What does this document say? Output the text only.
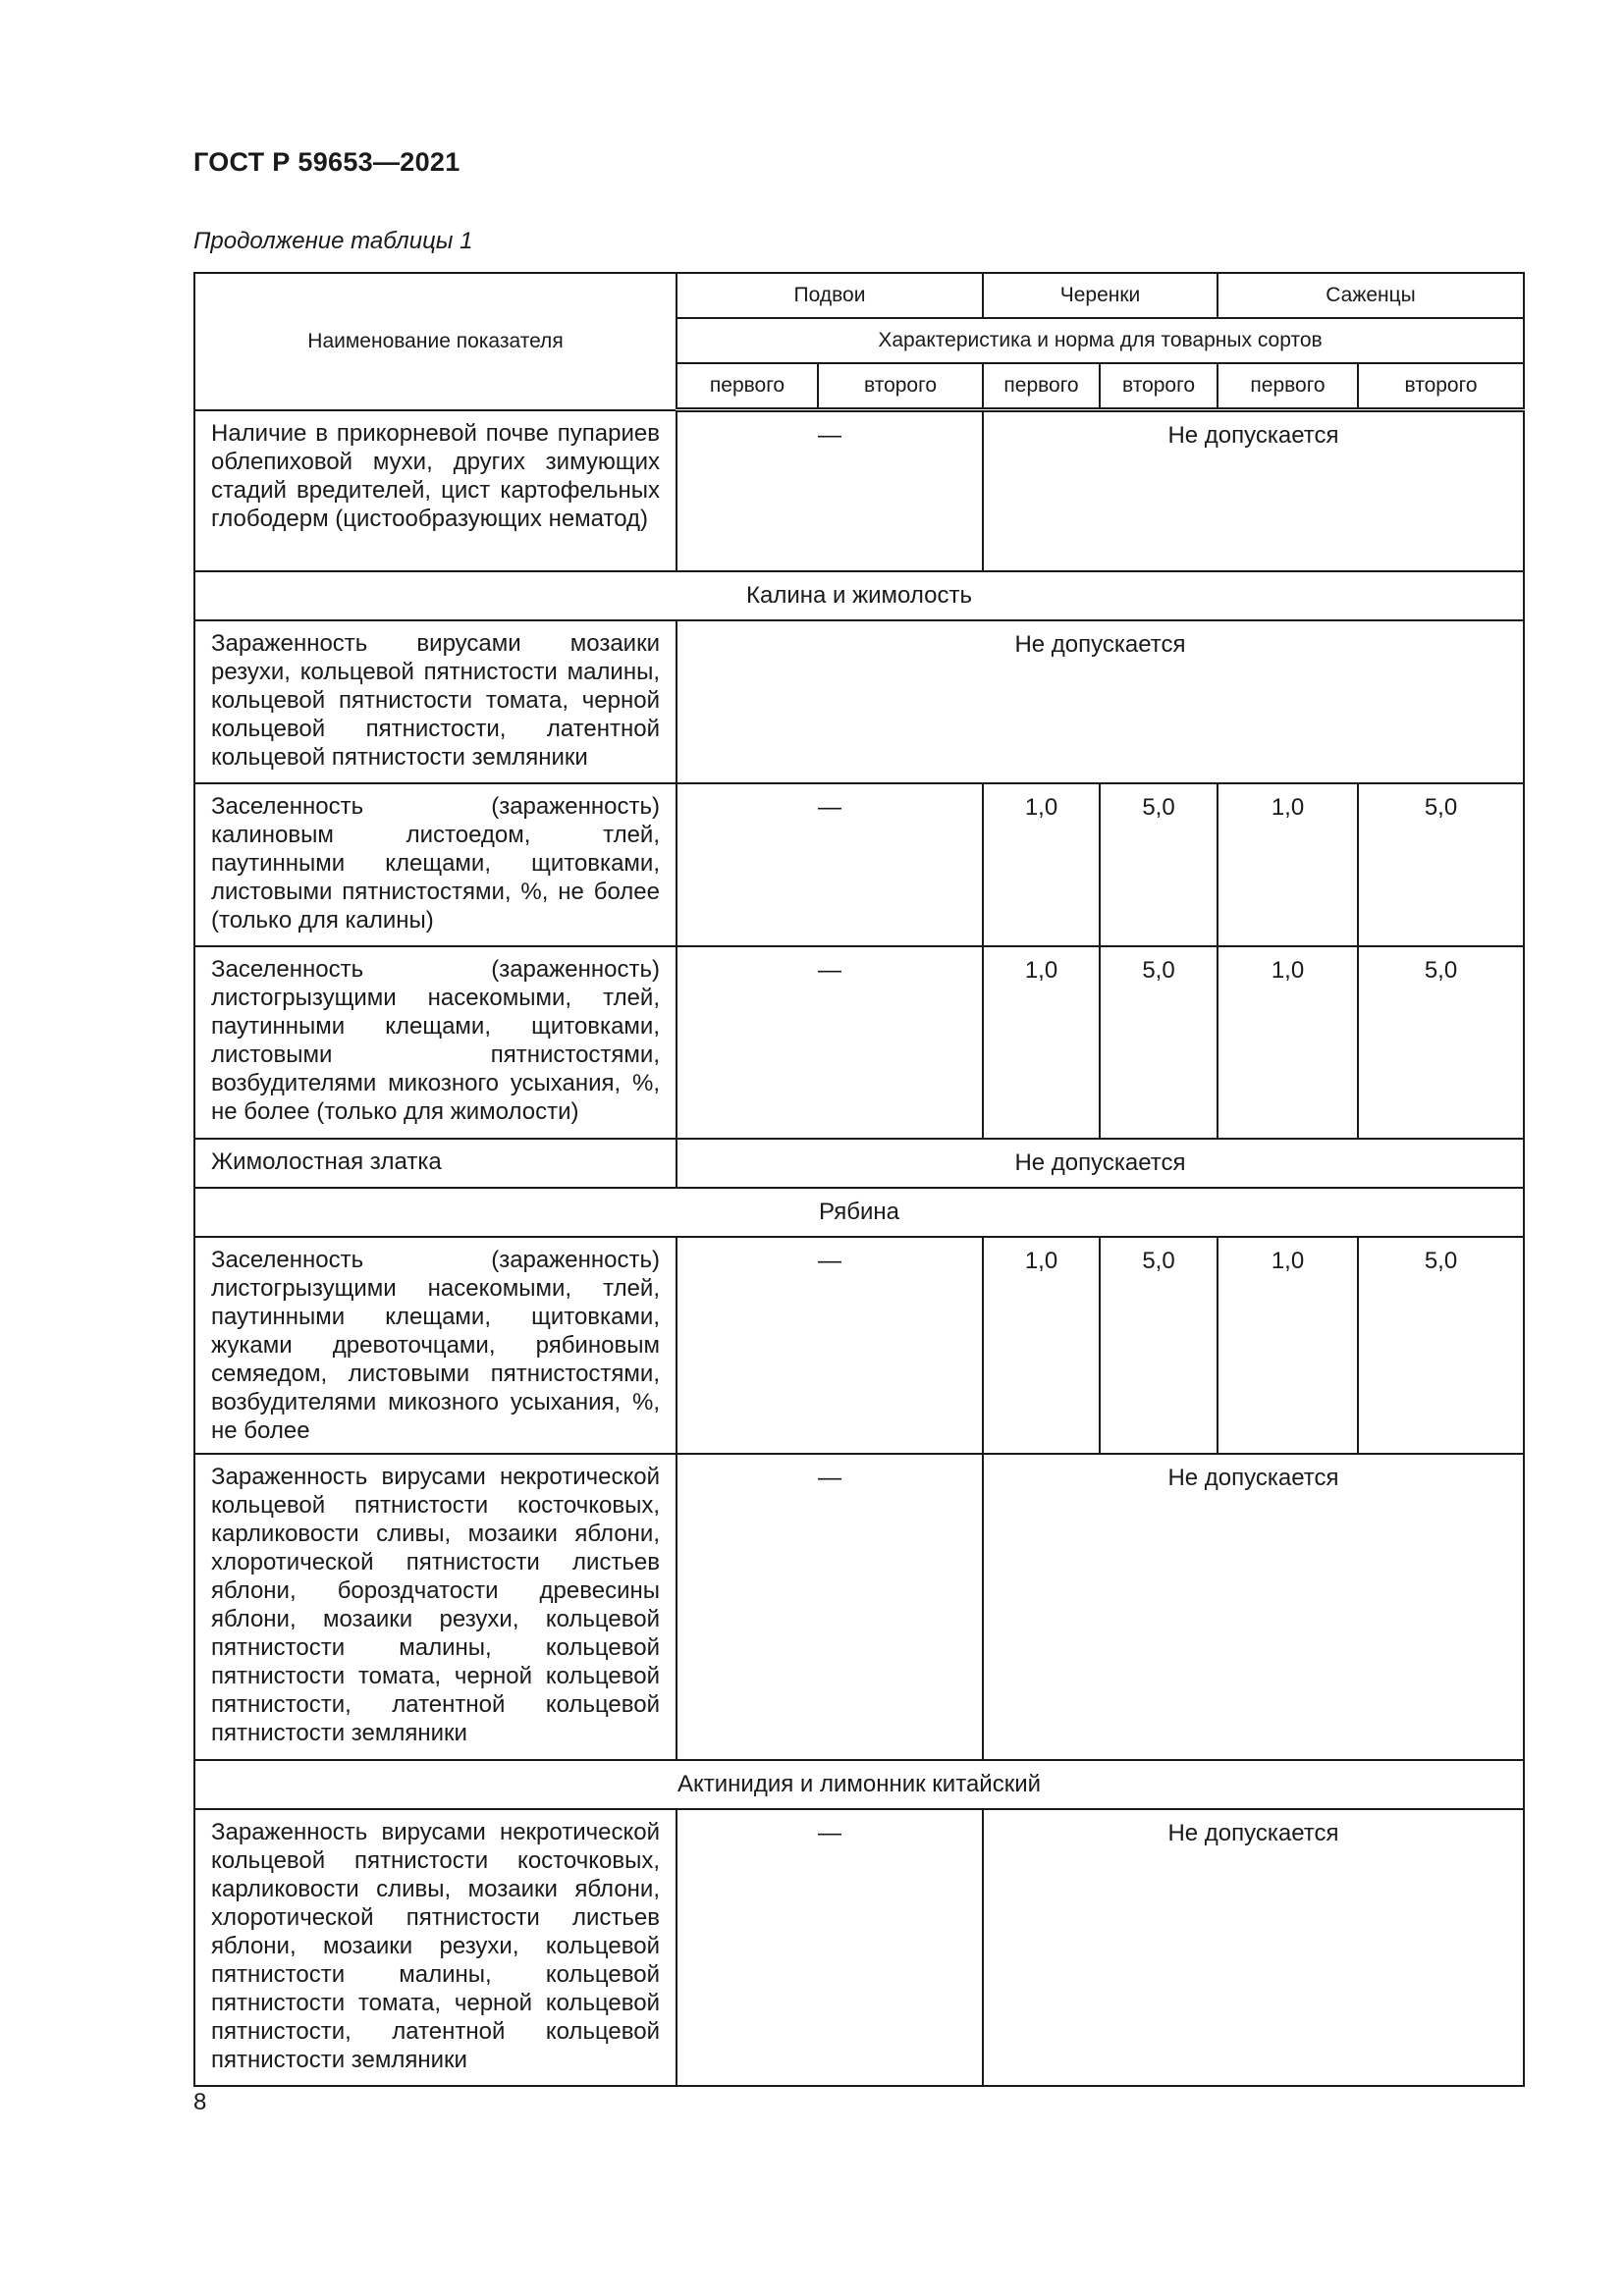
ГОСТ Р 59653—2021
Продолжение таблицы 1
Наименование показателя	Подвои		Черенки		Саженцы	
	Характеристика и норма для товарных сортов					
	первого	второго	первого	второго	первого	второго
Наличие в прикорневой почве пупариев облепиховой мухи, других зимующих стадий вредителей, цист картофельных глободерм (цистообразующих нематод)	—		Не допускается			
Калина и жимолость						
Зараженность вирусами мозаики резухи, кольцевой пятнистости малины, кольцевой пятнистости томата, черной кольцевой пятнистости, латентной кольцевой пятнистости земляники	Не допускается					
Заселенность (зараженность) калиновым листоедом, тлей, паутинными клещами, щитовками, листовыми пятнистостями, %, не более (только для калины)	—		1,0	5,0	1,0	5,0
Заселенность (зараженность) листогрызущими насекомыми, тлей, паутинными клещами, щитовками, листовыми пятнистостями, возбудителями микозного усыхания, %, не более (только для жимолости)	—		1,0	5,0	1,0	5,0
Жимолостная златка	Не допускается					
Рябина						
Заселенность (зараженность) листогрызущими насекомыми, тлей, паутинными клещами, щитовками, жуками древоточцами, рябиновым семяедом, листовыми пятнистостями, возбудителями микозного усыхания, %, не более	—		1,0	5,0	1,0	5,0
Зараженность вирусами некротической кольцевой пятнистости косточковых, карликовости сливы, мозаики яблони, хлоротической пятнистости листьев яблони, бороздчатости древесины яблони, мозаики резухи, кольцевой пятнистости малины, кольцевой пятнистости томата, черной кольцевой пятнистости, латентной кольцевой пятнистости земляники	—		Не допускается			
Актинидия и лимонник китайский						
Зараженность вирусами некротической кольцевой пятнистости косточковых, карликовости сливы, мозаики яблони, хлоротической пятнистости листьев яблони, мозаики резухи, кольцевой пятнистости малины, кольцевой пятнистости томата, черной кольцевой пятнистости, латентной кольцевой пятнистости земляники	—		Не допускается			
8
